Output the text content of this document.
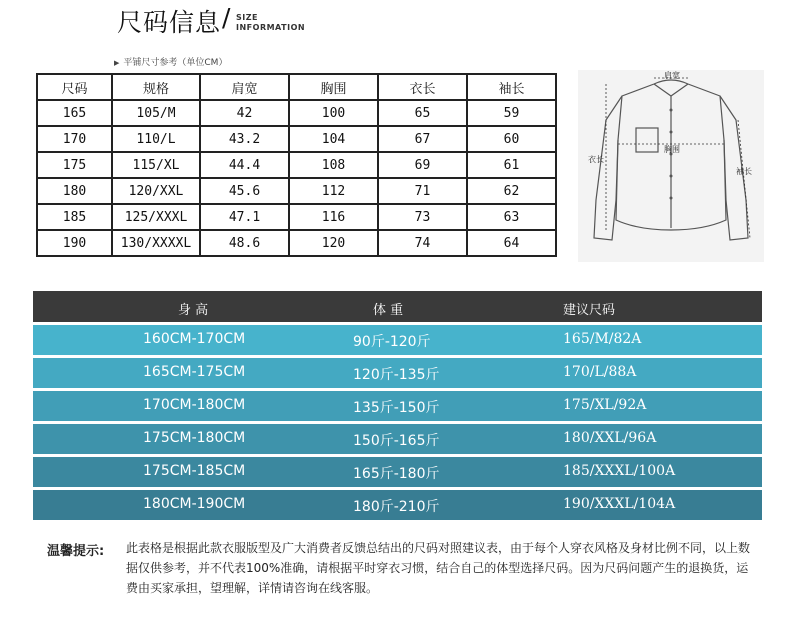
尺码信息 / SIZE
INFORMATION
▶ 平铺尺寸参考（单位CM）
尺码	规格	肩宽	胸围	衣长	袖长
165	105/M	42	100	65	59
170	110/L	43.2	104	67	60
175	115/XL	44.4	108	69	61
180	120/XXL	45.6	112	71	62
185	125/XXXL	47.1	116	73	63
190	130/XXXXL	48.6	120	74	64
肩宽
胸围
衣长
袖长
身 高	体 重	建议尺码
160CM-170CM	90斤-120斤	165/M/82A
165CM-175CM	120斤-135斤	170/L/88A
170CM-180CM	135斤-150斤	175/XL/92A
175CM-180CM	150斤-165斤	180/XXL/96A
175CM-185CM	165斤-180斤	185/XXXL/100A
180CM-190CM	180斤-210斤	190/XXXL/104A
温馨提示: 此表格是根据此款衣服版型及广大消费者反馈总结出的尺码对照建议表，由于每个人穿衣风格及身材比例不同，以上数据仅供参考，并不代表100%准确，请根据平时穿衣习惯，结合自己的体型选择尺码。因为尺码问题产生的退换货，运费由买家承担，望理解，详情请咨询在线客服。
